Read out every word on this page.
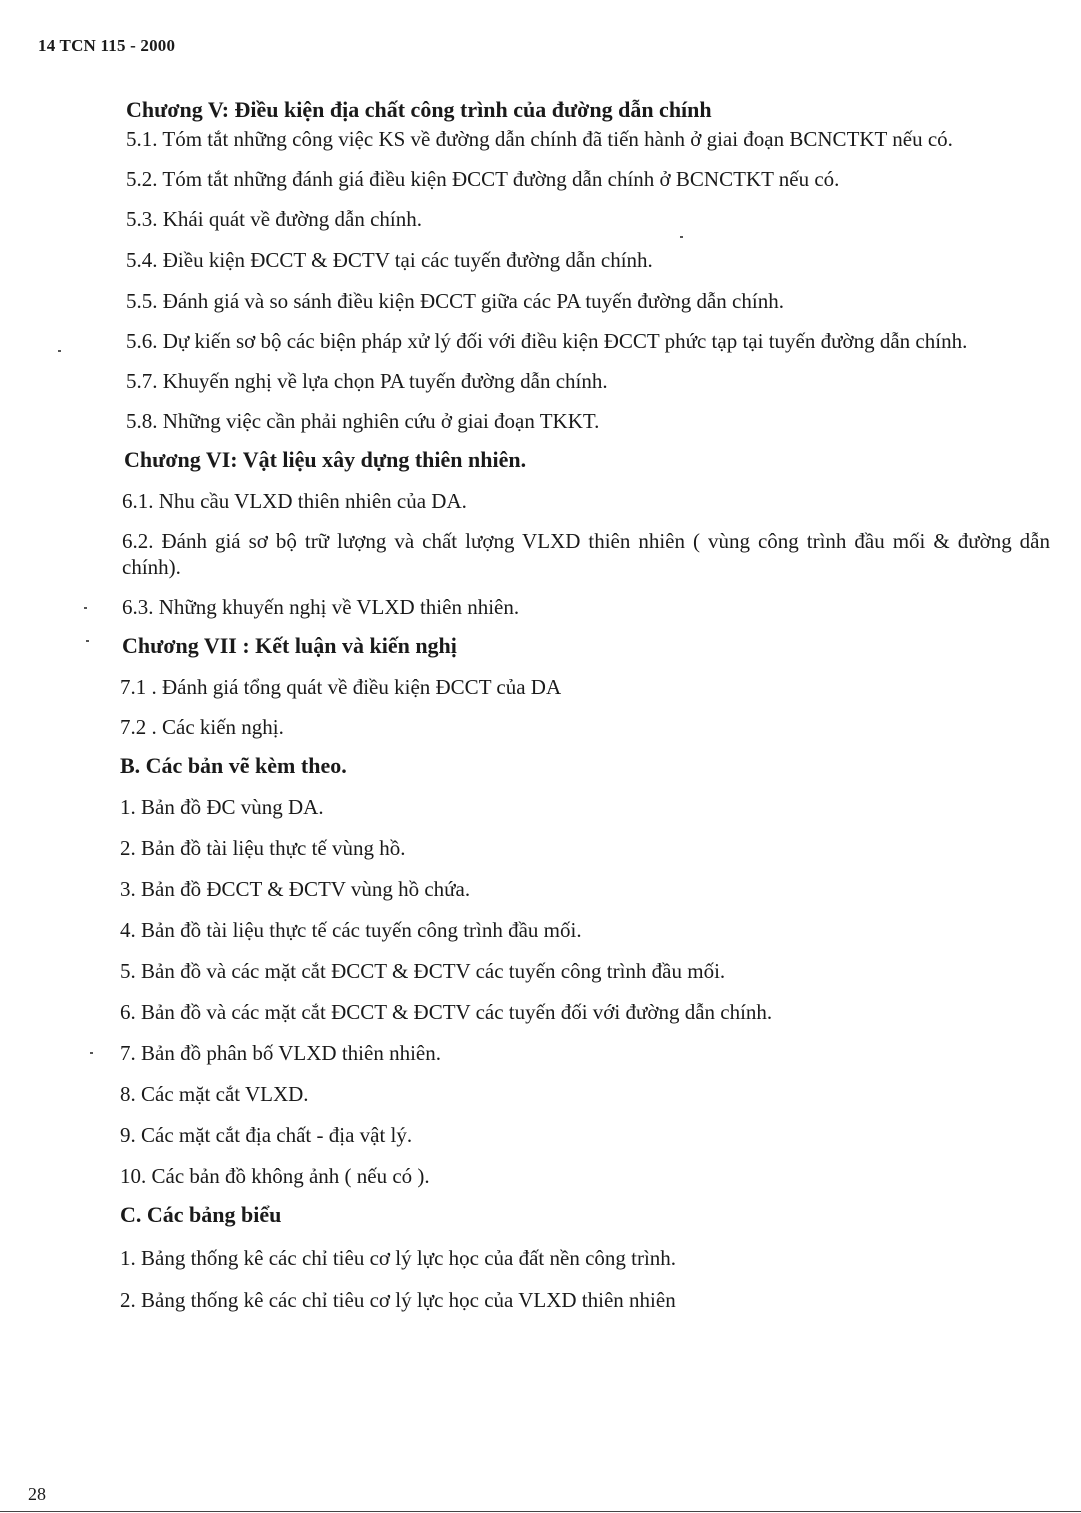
14 TCN 115 - 2000

Chương V: Điều kiện địa chất công trình của đường dẫn chính

5.1. Tóm tắt những công việc KS về đường dẫn chính đã tiến hành ở giai đoạn BCNCTKT nếu có.

5.2. Tóm tắt những đánh giá điều kiện ĐCCT đường dẫn chính ở BCNCTKT nếu có.

5.3. Khái quát về đường dẫn chính.

5.4. Điều kiện ĐCCT & ĐCTV tại các tuyến đường dẫn chính.

5.5. Đánh giá và so sánh điều kiện ĐCCT giữa các PA tuyến đường dẫn chính.

5.6. Dự kiến sơ bộ các biện pháp xử lý đối với điều kiện ĐCCT phức tạp tại tuyến đường dẫn chính.

5.7. Khuyến nghị về lựa chọn PA tuyến đường dẫn chính.

5.8. Những việc cần phải nghiên cứu ở giai đoạn TKKT.

Chương VI: Vật liệu xây dựng thiên nhiên.

6.1. Nhu cầu VLXD thiên nhiên của DA.

6.2. Đánh giá sơ bộ trữ lượng và chất lượng VLXD thiên nhiên ( vùng công trình đầu mối & đường dẫn chính).

6.3. Những khuyến nghị về VLXD thiên nhiên.

Chương VII : Kết luận và kiến nghị

7.1 . Đánh giá tổng quát về điều kiện ĐCCT của DA

7.2 . Các kiến nghị.

B. Các bản vẽ kèm theo.

1. Bản đồ ĐC vùng DA.

2. Bản đồ tài liệu thực tế vùng hồ.

3. Bản đồ ĐCCT & ĐCTV vùng hồ chứa.

4. Bản đồ tài liệu thực tế các tuyến công trình đầu mối.

5. Bản đồ và các mặt cắt ĐCCT & ĐCTV các tuyến công trình đầu mối.

6. Bản đồ và các mặt cắt ĐCCT & ĐCTV các tuyến đối với đường dẫn chính.

7. Bản đồ phân bố VLXD thiên nhiên.

8. Các mặt cắt VLXD.

9. Các mặt cắt địa chất - địa vật lý.

10. Các bản đồ không ảnh ( nếu có ).

C. Các bảng biểu

1. Bảng thống kê các chỉ tiêu cơ lý lực học của đất nền công trình.

2. Bảng thống kê các chỉ tiêu cơ lý lực học của VLXD thiên nhiên

28
